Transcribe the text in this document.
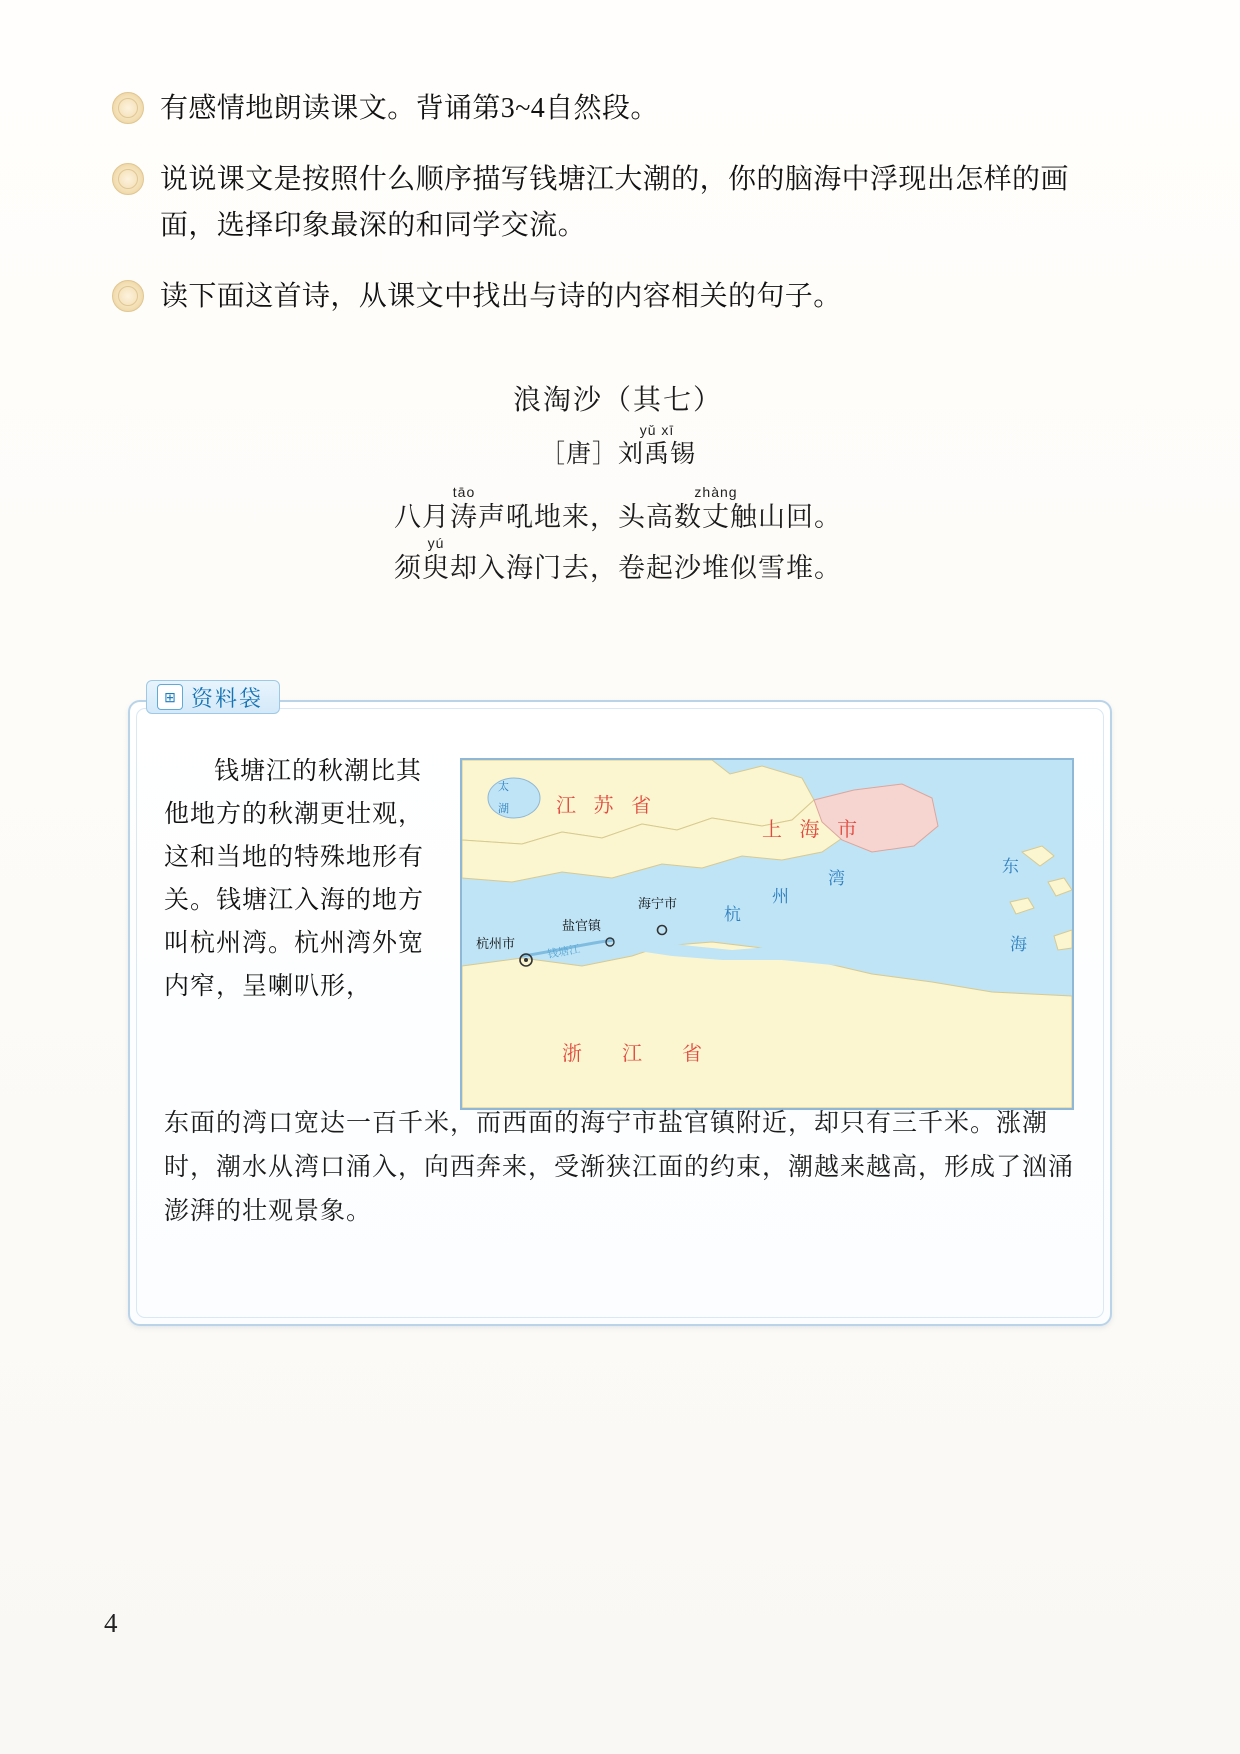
有感情地朗读课文。背诵第3~4自然段。
说说课文是按照什么顺序描写钱塘江大潮的，你的脑海中浮现出怎样的画面，选择印象最深的和同学交流。
读下面这首诗，从课文中找出与诗的内容相关的句子。
浪淘沙（其七）
［唐］
yǔ xī
刘禹锡
八月
tāo
涛声吼地来，头高数
zhàng
丈触山回。
须
yú
臾却入海门去，卷起沙堆似雪堆。
⊞ 资料袋
钱塘江的秋潮比其他地方的秋潮更壮观，这和当地的特殊地形有关。钱塘江入海的地方叫杭州湾。杭州湾外宽内窄，呈喇叭形，
江 苏 省
上 海 市
浙　江　省
太
湖
东
海
杭
州
湾
海宁市
盐官镇
杭州市	钱塘江
东面的湾口宽达一百千米，而西面的海宁市盐官镇附近，却只有三千米。涨潮时，潮水从湾口涌入，向西奔来，受渐狭江面的约束，潮越来越高，形成了汹涌澎湃的壮观景象。
4
